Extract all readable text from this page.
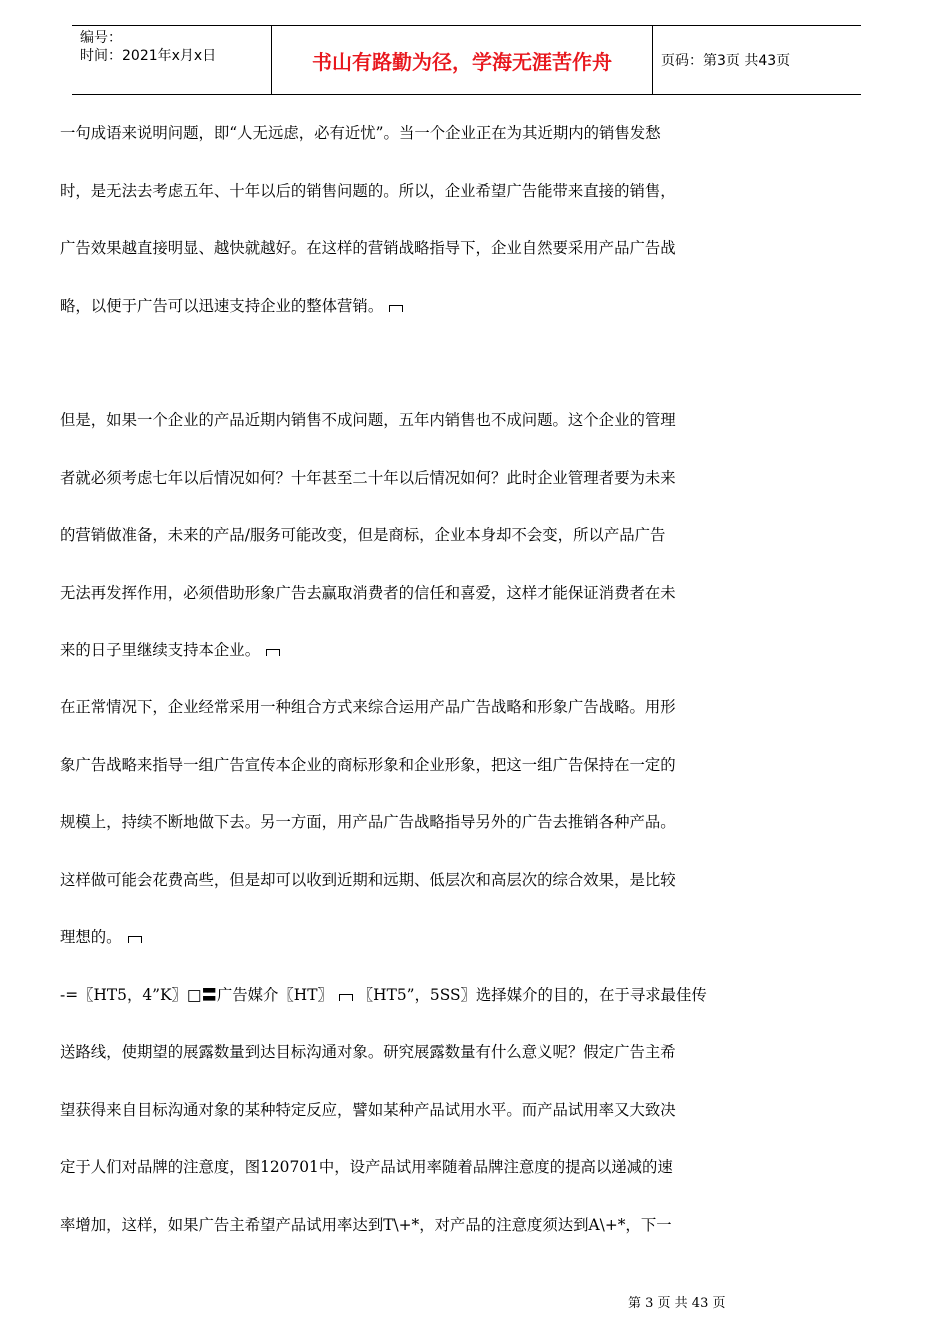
编号：
时间：2021年x月x日	书山有路勤为径，学海无涯苦作舟	页码：第3页 共43页
一句成语来说明问题，即“人无远虑，必有近忧”。当一个企业正在为其近期内的销售发愁
时，是无法去考虑五年、十年以后的销售问题的。所以，企业希望广告能带来直接的销售，
广告效果越直接明显、越快就越好。在这样的营销战略指导下，企业自然要采用产品广告战
略，以便于广告可以迅速支持企业的整体营销。
但是，如果一个企业的产品近期内销售不成问题，五年内销售也不成问题。这个企业的管理
者就必须考虑七年以后情况如何？十年甚至二十年以后情况如何？此时企业管理者要为未来
的营销做准备，未来的产品/服务可能改变，但是商标，企业本身却不会变，所以产品广告
无法再发挥作用，必须借助形象广告去赢取消费者的信任和喜爱，这样才能保证消费者在未
来的日子里继续支持本企业。
在正常情况下，企业经常采用一种组合方式来综合运用产品广告战略和形象广告战略。用形
象广告战略来指导一组广告宣传本企业的商标形象和企业形象，把这一组广告保持在一定的
规模上，持续不断地做下去。另一方面，用产品广告战略指导另外的广告去推销各种产品。
这样做可能会花费高些，但是却可以收到近期和远期、低层次和高层次的综合效果，是比较
理想的。
-=〖HT5，4”K〗□〓广告媒介〖HT〗 〖HT5”，5SS〗选择媒介的目的，在于寻求最佳传
送路线，使期望的展露数量到达目标沟通对象。研究展露数量有什么意义呢？假定广告主希
望获得来自目标沟通对象的某种特定反应，譬如某种产品试用水平。而产品试用率又大致决
定于人们对品牌的注意度，图120701中，设产品试用率随着品牌注意度的提高以递减的速
率增加，这样，如果广告主希望产品试用率达到T\+*，对产品的注意度须达到A\+*，下一
第 3 页 共 43 页
